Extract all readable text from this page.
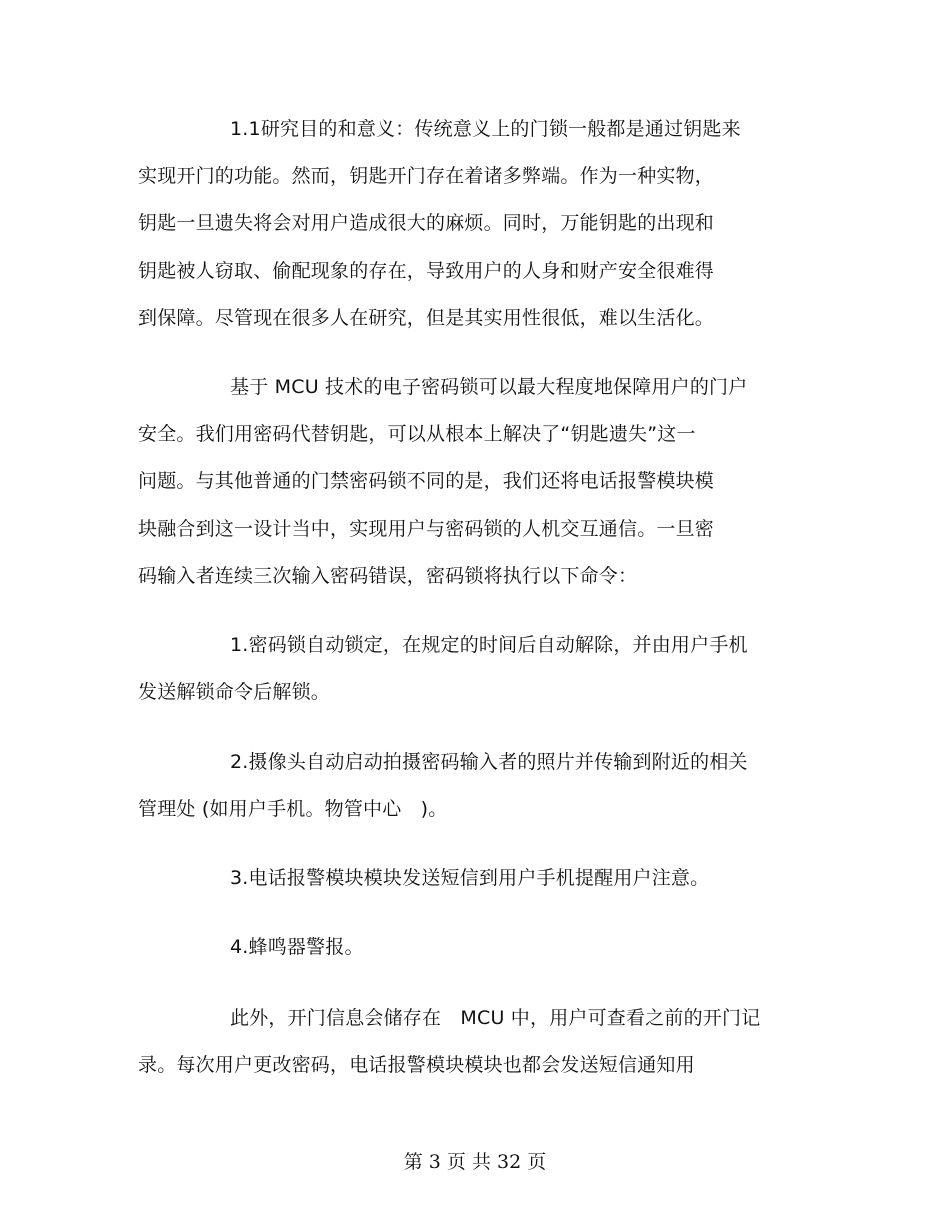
1.1研究目的和意义：传统意义上的门锁一般都是通过钥匙来
实现开门的功能。然而，钥匙开门存在着诸多弊端。作为一种实物，
钥匙一旦遗失将会对用户造成很大的麻烦。同时，万能钥匙的出现和
钥匙被人窃取、偷配现象的存在，导致用户的人身和财产安全很难得
到保障。尽管现在很多人在研究，但是其实用性很低，难以生活化。
基于 MCU 技术的电子密码锁可以最大程度地保障用户的门户
安全。我们用密码代替钥匙，可以从根本上解决了“钥匙遗失”这一
问题。与其他普通的门禁密码锁不同的是，我们还将电话报警模块模
块融合到这一设计当中，实现用户与密码锁的人机交互通信。一旦密
码输入者连续三次输入密码错误，密码锁将执行以下命令：
1.密码锁自动锁定，在规定的时间后自动解除，并由用户手机
发送解锁命令后解锁。
2.摄像头自动启动拍摄密码输入者的照片并传输到附近的相关
管理处 (如用户手机。物管中心　)。
3.电话报警模块模块发送短信到用户手机提醒用户注意。
4.蜂鸣器警报。
此外，开门信息会储存在　MCU 中，用户可查看之前的开门记
录。每次用户更改密码，电话报警模块模块也都会发送短信通知用
第 3 页 共 32 页
